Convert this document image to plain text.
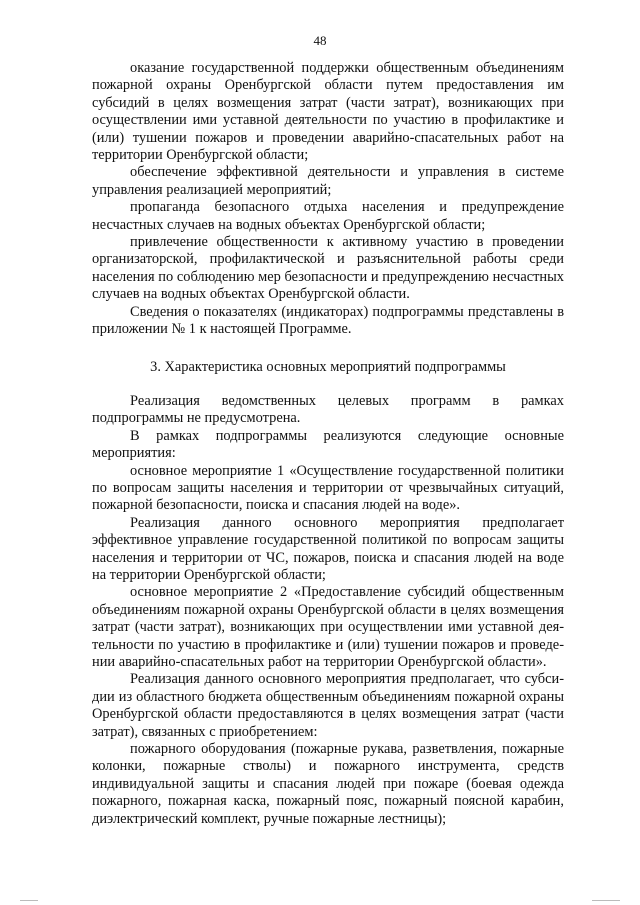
48

оказание государственной поддержки общественным объединениям пожарной охраны Оренбургской области путем предоставления им субсидий в целях возмещения затрат (части затрат), возникающих при осуществлении ими уставной деятельности по участию в профилактике и (или) тушении пожаров и проведении аварийно-спасательных работ на территории Оренбургской области;

обеспечение эффективной деятельности и управления в системе управления реализацией мероприятий;

пропаганда безопасного отдыха населения и предупреждение несчастных случаев на водных объектах Оренбургской области;

привлечение общественности к активному участию в проведении организаторской, профилактической и разъяснительной работы среди населения по соблюдению мер безопасности и предупреждению несчастных случаев на водных объектах Оренбургской области.

Сведения о показателях (индикаторах) подпрограммы представлены в приложении № 1 к настоящей Программе.

3. Характеристика основных мероприятий подпрограммы

Реализация ведомственных целевых программ в рамках подпрограммы не предусмотрена.

В рамках подпрограммы реализуются следующие основные мероприятия:

основное мероприятие 1 «Осуществление государственной политики по вопросам защиты населения и территории от чрезвычайных ситуаций, пожарной безопасности, поиска и спасания людей на воде».

Реализация данного основного мероприятия предполагает эффективное управление государственной политикой по вопросам защиты населения и территории от ЧС, пожаров, поиска и спасания людей на воде на территории Оренбургской области;

основное мероприятие 2 «Предоставление субсидий общественным объединениям пожарной охраны Оренбургской области в целях возмещения затрат (части затрат), возникающих при осуществлении ими уставной деятельности по участию в профилактике и (или) тушении пожаров и проведении аварийно-спасательных работ на территории Оренбургской области».

Реализация данного основного мероприятия предполагает, что субсидии из областного бюджета общественным объединениям пожарной охраны Оренбургской области предоставляются в целях возмещения затрат (части затрат), связанных с приобретением:

пожарного оборудования (пожарные рукава, разветвления, пожарные колонки, пожарные стволы) и пожарного инструмента, средств индивидуальной защиты и спасания людей при пожаре (боевая одежда пожарного, пожарная каска, пожарный пояс, пожарный поясной карабин, диэлектрический комплект, ручные пожарные лестницы);
